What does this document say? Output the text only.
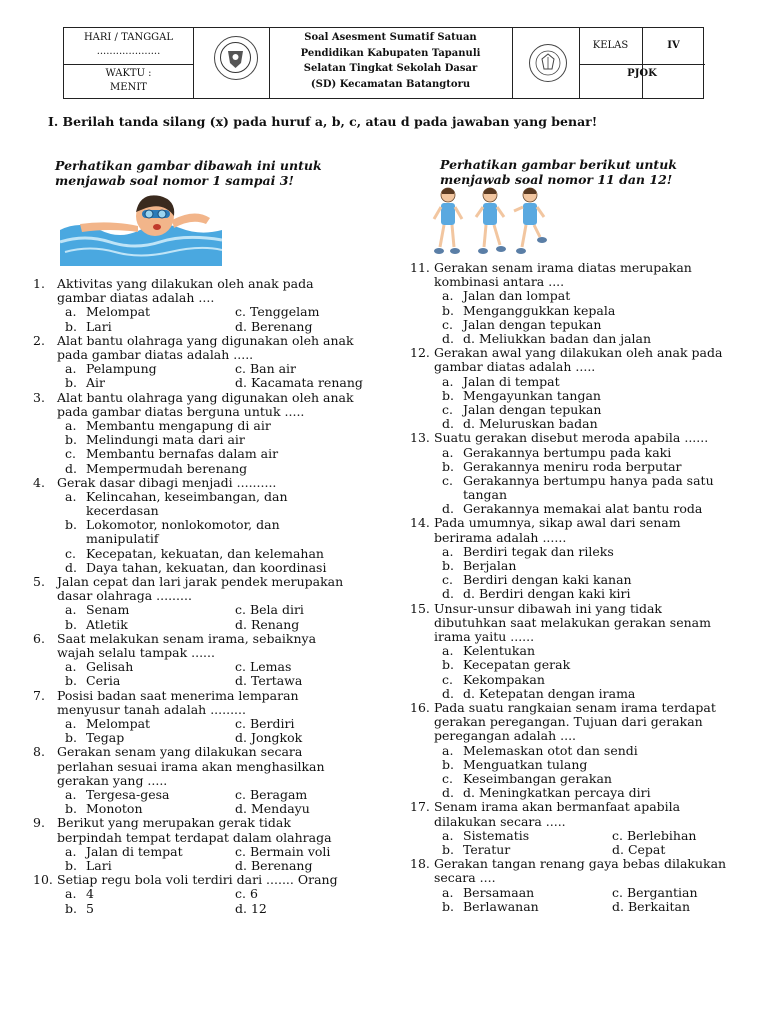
HARI / TANGGAL
....................
WAKTU :
MENIT
Soal Asesment Sumatif Satuan
Pendidikan Kabupaten Tapanuli
Selatan Tingkat Sekolah Dasar
(SD) Kecamatan Batangtoru
KELAS	IV
PJOK
I. Berilah tanda silang (x) pada huruf a, b, c, atau d pada jawaban yang benar!
Perhatikan gambar dibawah ini untuk
menjawab soal nomor 1 sampai 3!
Perhatikan gambar berikut untuk
menjawab soal nomor 11 dan 12!
1. Aktivitas yang dilakukan oleh anak pada
gambar diatas adalah ....
a. Melompat	c. Tenggelam
b. Lari	d. Berenang
2. Alat bantu olahraga yang digunakan oleh anak
pada gambar diatas adalah .....
a. Pelampung	c. Ban air
b. Air	d. Kacamata renang
3. Alat bantu olahraga yang digunakan oleh anak
pada gambar diatas berguna untuk .....
a. Membantu mengapung di air
b. Melindungi mata dari air
c. Membantu bernafas dalam air
d. Mempermudah berenang
4. Gerak dasar dibagi menjadi ..........
a. Kelincahan, keseimbangan, dan
kecerdasan
b. Lokomotor, nonlokomotor, dan
manipulatif
c. Kecepatan, kekuatan, dan kelemahan
d. Daya tahan, kekuatan, dan koordinasi
5. Jalan cepat dan lari jarak pendek merupakan
dasar olahraga .........
a. Senam	c. Bela diri
b. Atletik	d. Renang
6. Saat melakukan senam irama, sebaiknya
wajah selalu tampak ......
a. Gelisah	c. Lemas
b. Ceria	d. Tertawa
7. Posisi badan saat menerima lemparan
menyusur tanah adalah .........
a. Melompat	c. Berdiri
b. Tegap	d. Jongkok
8. Gerakan senam yang dilakukan secara
perlahan sesuai irama akan menghasilkan
gerakan yang .....
a. Tergesa-gesa	c. Beragam
b. Monoton	d. Mendayu
9. Berikut yang merupakan gerak tidak
berpindah tempat terdapat dalam olahraga
a. Jalan di tempat	c. Bermain voli
b. Lari	d. Berenang
10. Setiap regu bola voli terdiri dari ....... Orang
a. 4	c. 6
b. 5	d. 12
11. Gerakan senam irama diatas merupakan
kombinasi antara ....
a. Jalan dan lompat
b. Menganggukkan kepala
c. Jalan dengan tepukan
d. d. Meliukkan badan dan jalan
12. Gerakan awal yang dilakukan oleh anak pada
gambar diatas adalah .....
a. Jalan di tempat
b. Mengayunkan tangan
c. Jalan dengan tepukan
d. d. Meluruskan badan
13. Suatu gerakan disebut meroda apabila ......
a. Gerakannya bertumpu pada kaki
b. Gerakannya meniru roda berputar
c. Gerakannya bertumpu hanya pada satu
tangan
d. Gerakannya memakai alat bantu roda
14. Pada umumnya, sikap awal dari senam
berirama adalah ......
a. Berdiri tegak dan rileks
b. Berjalan
c. Berdiri dengan kaki kanan
d. d. Berdiri dengan kaki kiri
15. Unsur-unsur dibawah ini yang tidak
dibutuhkan saat melakukan gerakan senam
irama yaitu ......
a. Kelentukan
b. Kecepatan gerak
c. Kekompakan
d. d. Ketepatan dengan irama
16. Pada suatu rangkaian senam irama terdapat
gerakan peregangan. Tujuan dari gerakan
peregangan adalah ....
a. Melemaskan otot dan sendi
b. Menguatkan tulang
c. Keseimbangan gerakan
d. d. Meningkatkan percaya diri
17. Senam irama akan bermanfaat apabila
dilakukan secara .....
a. Sistematis	c. Berlebihan
b. Teratur	d. Cepat
18. Gerakan tangan renang gaya bebas dilakukan
secara ....
a. Bersamaan	c. Bergantian
b. Berlawanan	d. Berkaitan
